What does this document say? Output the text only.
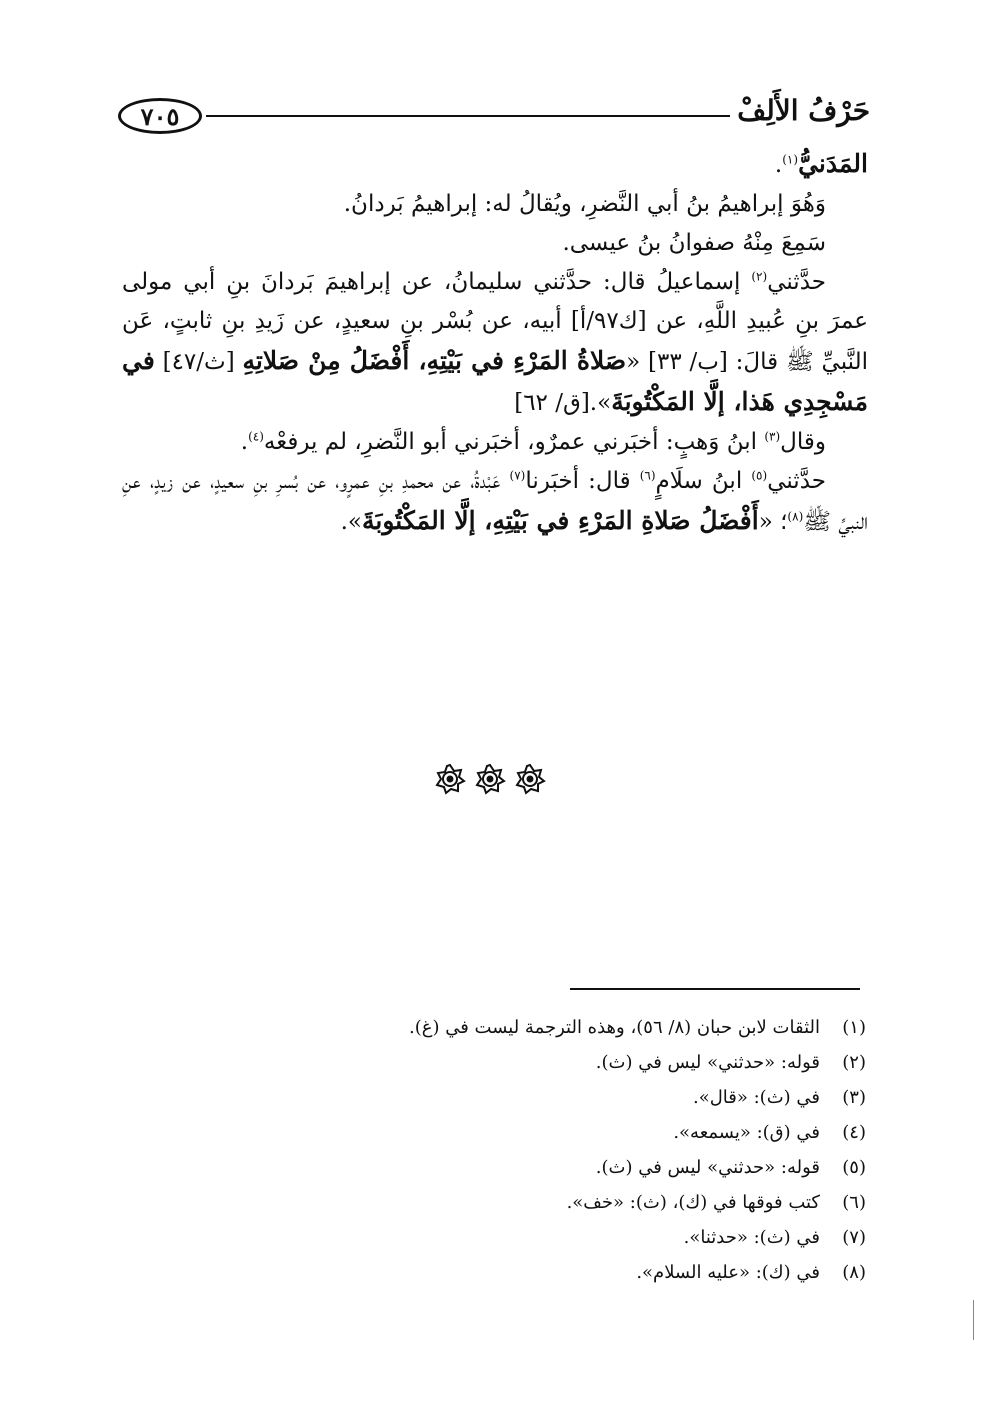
٧٠٥	حَرْفُ الأَلِفْ

المَدَنيُّ$^{(١)}$.

وَهُوَ إبراهيمُ بنُ أبي النَّضرِ، ويُقالُ له: إبراهيمُ بَردانُ.

سَمِعَ مِنْهُ صفوانُ بنُ عيسى.

حدَّثني$^{(٢)}$ إسماعيلُ قال: حدَّثني سليمانُ، عن إبراهيمَ بَردانَ بنِ أبي مولى عمرَ بنِ عُبيدِ اللَّهِ، عن [ك٩٧/أ] أبيه، عن بُسْر بنِ سعيدٍ، عن زَيدِ بنِ ثابتٍ، عَن النَّبيِّ ﷺ قالَ: [ب/ ٣٣] «صَلاةُ المَرْءِ في بَيْتِهِ، أَفْضَلُ مِنْ صَلاتِهِ [ث/٤٧] في مَسْجِدِي هَذا، إلَّا المَكْتُوبَةَ».[ق/ ٦٢]

وقال$^{(٣)}$ ابنُ وَهبٍ: أخبَرني عمرٌو، أخبَرني أبو النَّضرِ، لم يرفعْه$^{(٤)}$.

حدَّثني$^{(٥)}$ ابنُ سلَامٍ$^{(٦)}$ قال: أخبَرنا$^{(٧)}$ عَبْدةُ، عن محمدِ بنِ عمرٍو، عن بُسرِ بنِ سعيدٍ، عن زيدٍ، عنِ النبيِّ ﷺ$^{(٨)}$؛ «أَفْضَلُ صَلاةِ المَرْءِ في بَيْتِهِ، إلَّا المَكْتُوبَةَ».

(١)
الثقات لابن حبان (٨/ ٥٦)، وهذه الترجمة ليست في (غ).
(٢)
قوله: «حدثني» ليس في (ث).
(٣)
في (ث): «قال».
(٤)
في (ق): «يسمعه».
(٥)
قوله: «حدثني» ليس في (ث).
(٦)
كتب فوقها في (ك)، (ث): «خف».
(٧)
في (ث): «حدثنا».
(٨)
في (ك): «عليه السلام».
